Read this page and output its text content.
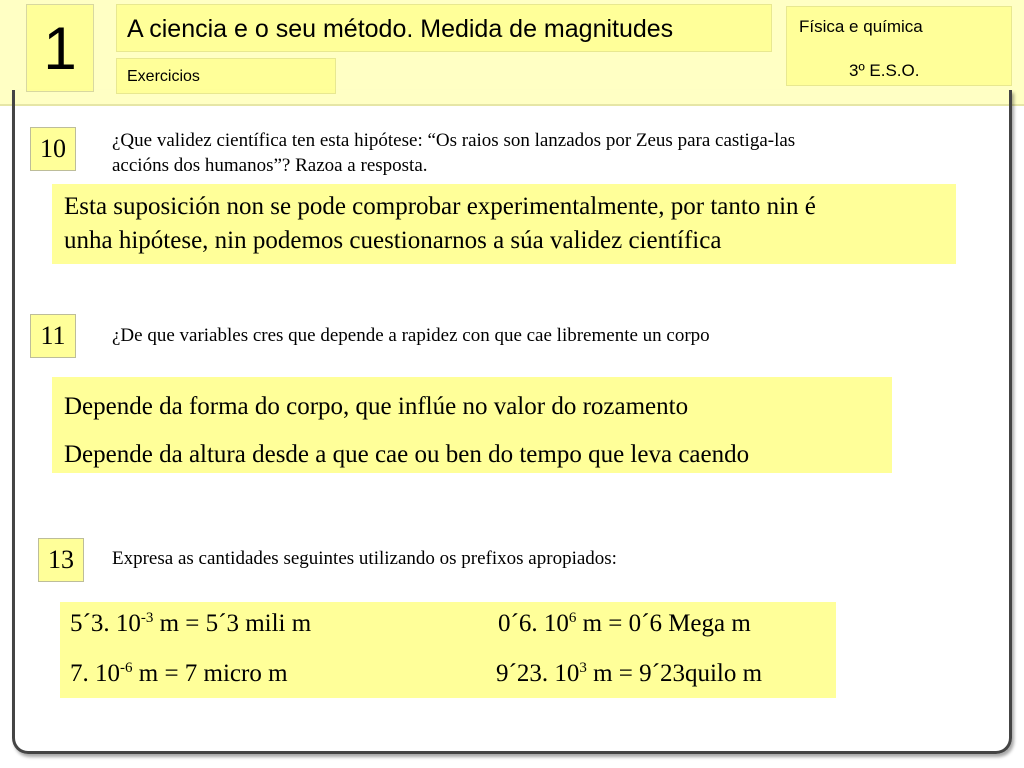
1	A ciencia e o seu método. Medida de magnitudes
Exercicios
Física e química
3º E.S.O.
10	¿Que validez científica ten esta hipótese: “Os raios son lanzados por Zeus para castiga-las
accións dos humanos”? Razoa a resposta.

Esta suposición non se pode comprobar experimentalmente, por tanto nin é

unha hipótese, nin podemos cuestionarnos a súa validez científica

11	¿De que variables cres que depende a rapidez con que cae libremente un corpo

Depende da forma do corpo, que inflúe no valor do rozamento

Depende da altura desde a que cae ou ben do tempo que leva caendo

13	Expresa as cantidades seguintes utilizando os prefixos apropiados:
5´3. $10^{-3}$ m = 5´3 mili m	0´6. $10^6$ m = 0´6 Mega m
7. $10^{-6}$ m = 7 micro m	9´23. $10^3$ m = 9´23quilo m
